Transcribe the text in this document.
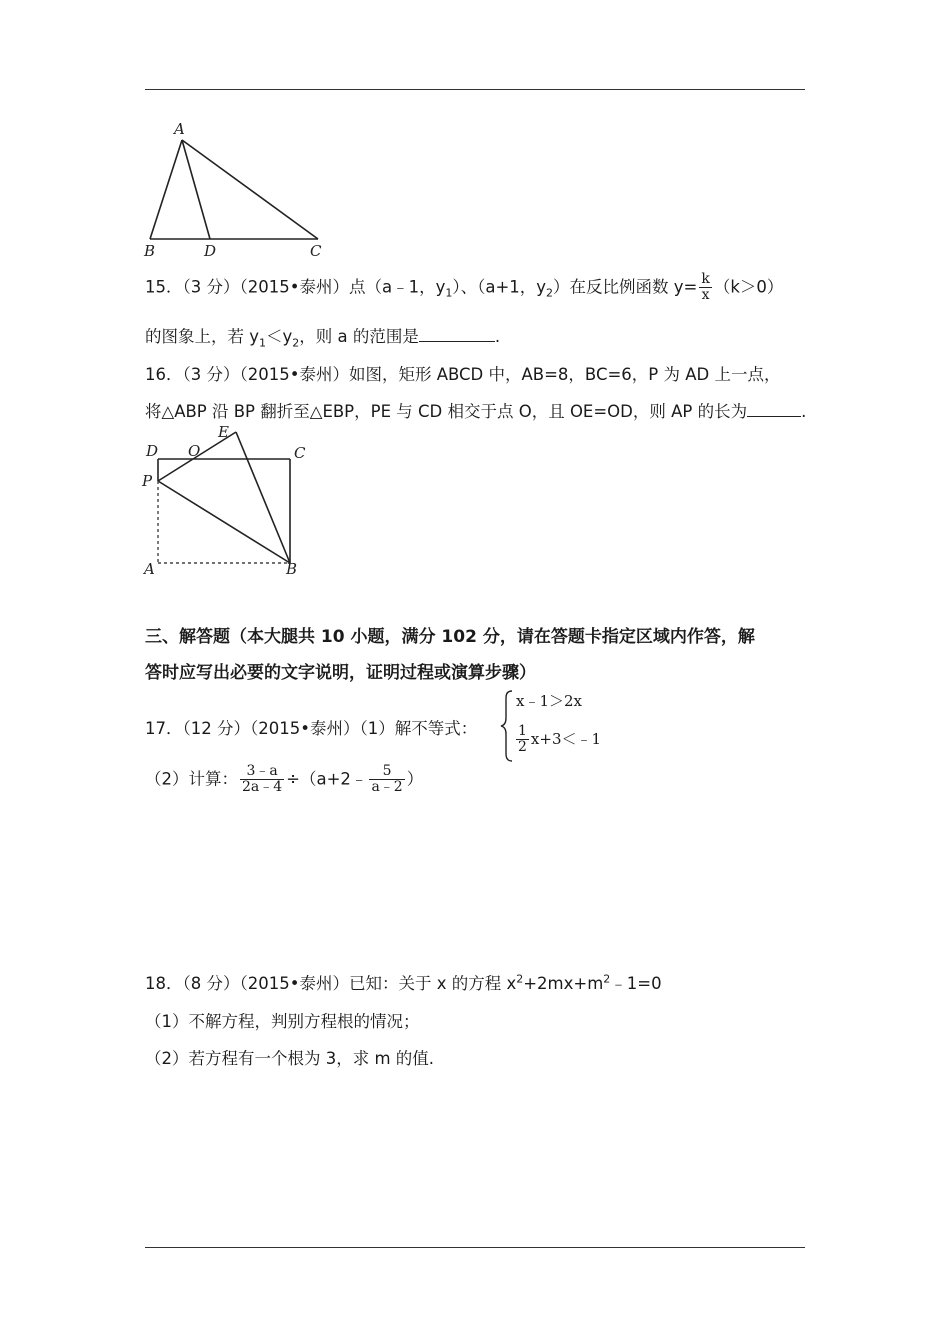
A
B	D	C
15．（3 分）（2015•泰州）点（a﹣1，$y_1$）、（a+1，$y_2$）在反比例函数 $y= \frac{k}{x} (k>0)$
的图象上，若 $y_1<y_2$，则 a 的范围是	.
16．（3 分）（2015•泰州）如图，矩形 ABCD 中，AB=8，BC=6，P 为 AD 上一点，
将△ABP 沿 BP 翻折至△EBP，PE 与 CD 相交于点 O，且 OE=OD，则 AP 的长为	.
D O
E
C
P
A	B
三、解答题（本大腿共 10 小题，满分 102 分，请在答题卡指定区域内作答，解
答时应写出必要的文字说明，证明过程或演算步骤）
17．（12 分）（2015•泰州）（1）解不等式：
x﹣1＞2x
$\frac{1}{2}$ x+3＜﹣1
（2）计算： $\frac{3﹣a}{2a﹣4}$ ÷（a+2﹣ $\frac{5}{a﹣2}$ ）
18．（8 分）（2015•泰州）已知：关于 x 的方程 $x^2+2mx+m^2﹣1=0$
（1）不解方程，判别方程根的情况；
（2）若方程有一个根为 3，求 m 的值.
